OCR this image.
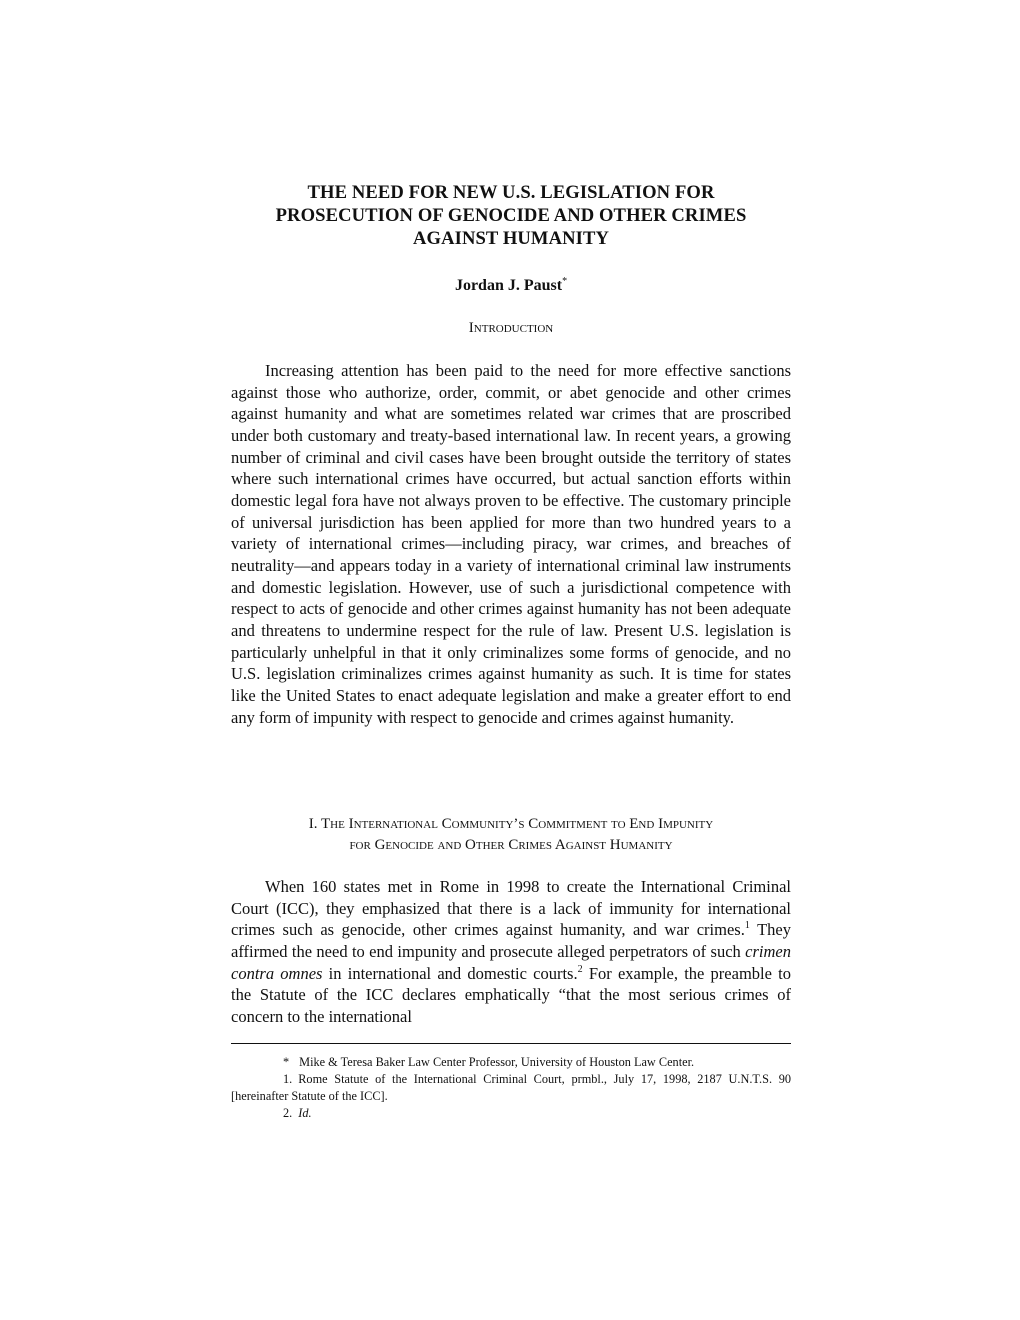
THE NEED FOR NEW U.S. LEGISLATION FOR
PROSECUTION OF GENOCIDE AND OTHER CRIMES
AGAINST HUMANITY
Jordan J. Paust*
Introduction

Increasing attention has been paid to the need for more effective sanctions against those who authorize, order, commit, or abet genocide and other crimes against humanity and what are sometimes related war crimes that are proscribed under both customary and treaty-based international law. In recent years, a growing number of criminal and civil cases have been brought outside the territory of states where such international crimes have occurred, but actual sanction efforts within domestic legal fora have not always proven to be effective. The customary principle of universal jurisdiction has been applied for more than two hundred years to a variety of international crimes—including piracy, war crimes, and breaches of neutrality—and appears today in a variety of international criminal law instruments and domestic legislation. However, use of such a jurisdictional competence with respect to acts of genocide and other crimes against humanity has not been adequate and threatens to undermine respect for the rule of law. Present U.S. legislation is particularly unhelpful in that it only criminalizes some forms of genocide, and no U.S. legislation criminalizes crimes against humanity as such. It is time for states like the United States to enact adequate legislation and make a greater effort to end any form of impunity with respect to genocide and crimes against humanity.

I. The International Community’s Commitment to End Impunity
for Genocide and Other Crimes Against Humanity

When 160 states met in Rome in 1998 to create the International Criminal Court (ICC), they emphasized that there is a lack of immunity for international crimes such as genocide, other crimes against humanity, and war crimes.$^1$ They affirmed the need to end impunity and prosecute alleged perpetrators of such crimen contra omnes in international and domestic courts.$^2$ For example, the preamble to the Statute of the ICC declares emphatically “that the most serious crimes of concern to the international

* Mike & Teresa Baker Law Center Professor, University of Houston Law Center.
1. Rome Statute of the International Criminal Court, prmbl., July 17, 1998, 2187 U.N.T.S. 90 [hereinafter Statute of the ICC].
2. Id.
